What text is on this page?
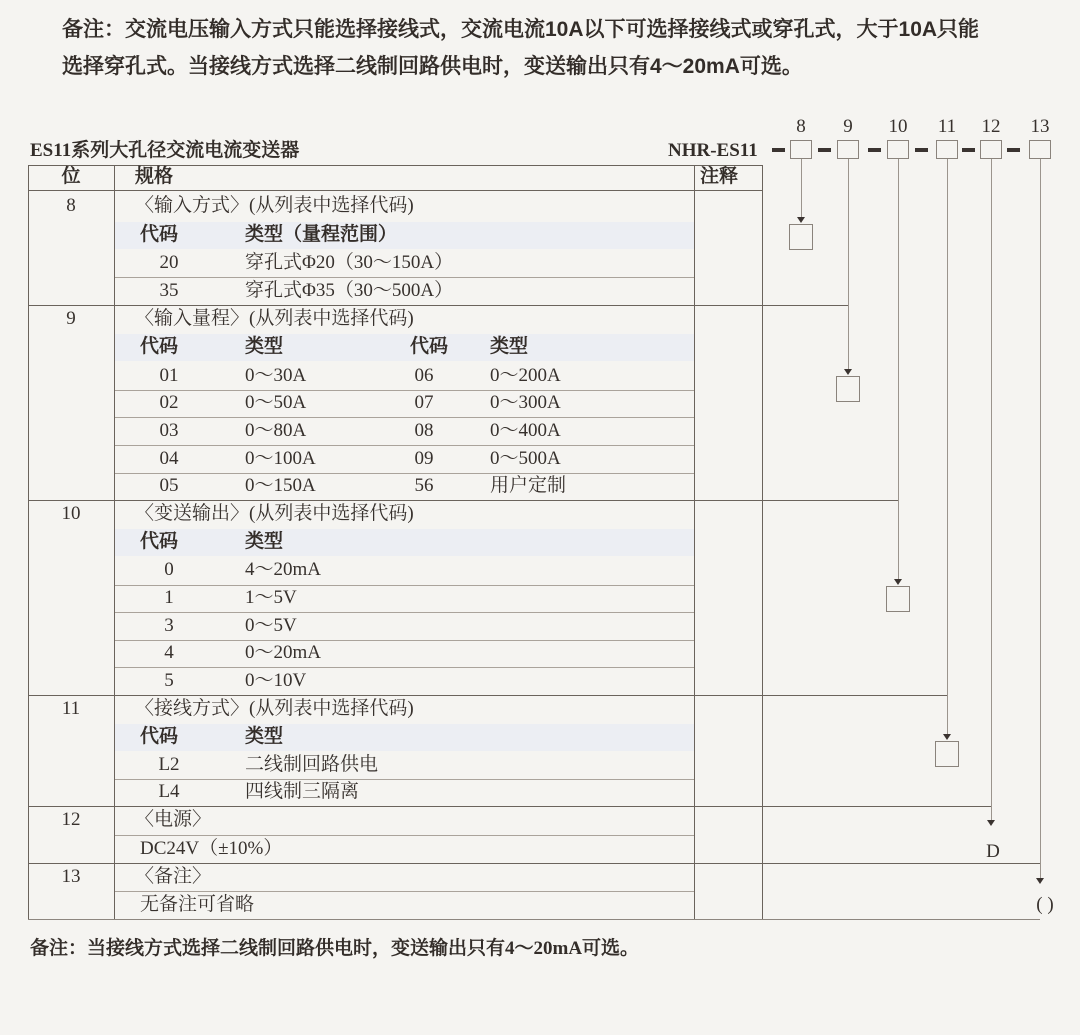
备注：交流电压输入方式只能选择接线式，交流电流10A以下可选择接线式或穿孔式，大于10A只能
选择穿孔式。当接线方式选择二线制回路供电时，变送输出只有4～20mA可选。
ES11系列大孔径交流电流变送器	NHR-ES11
位	规格	注释
8	〈输入方式〉(从列表中选择代码)
代码	类型（量程范围）
20	穿孔式Φ20（30～150A）
35	穿孔式Φ35（30～500A）
9	〈输入量程〉(从列表中选择代码)
代码	类型	代码 类型
01	0～30A	06	0～200A
02	0～50A	07	0～300A
03	0～80A	08	0～400A
04	0～100A	09	0～500A
05	0～150A	56	用户定制
10	〈变送输出〉(从列表中选择代码)
代码	类型
0	4～20mA
1	1～5V
3	0～5V
4	0～20mA
5	0～10V
11	〈接线方式〉(从列表中选择代码)
代码	类型
L2	二线制回路供电
L4	四线制三隔离
12	〈电源〉
DC24V（±10%）
13	〈备注〉
无备注可省略
8	9	10	11	12	13
D
( )
备注：当接线方式选择二线制回路供电时，变送输出只有4～20mA可选。
